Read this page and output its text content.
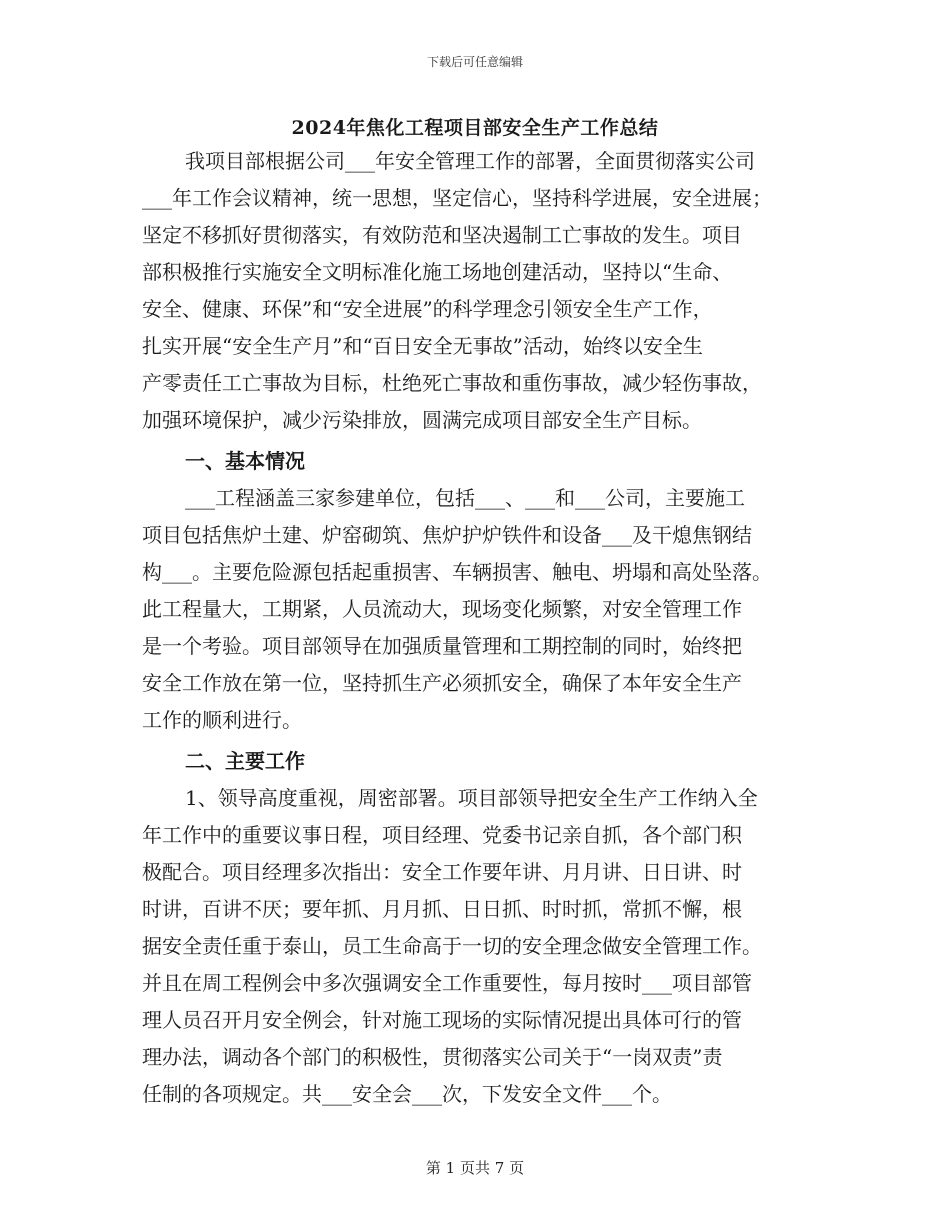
下载后可任意编辑
2024年焦化工程项目部安全生产工作总结
我项目部根据公司___年安全管理工作的部署，全面贯彻落实公司
___年工作会议精神，统一思想，坚定信心，坚持科学进展，安全进展；
坚定不移抓好贯彻落实，有效防范和坚决遏制工亡事故的发生。项目
部积极推行实施安全文明标准化施工场地创建活动，坚持以“生命、
安全、健康、环保”和“安全进展”的科学理念引领安全生产工作，
扎实开展“安全生产月”和“百日安全无事故”活动，始终以安全生
产零责任工亡事故为目标，杜绝死亡事故和重伤事故，减少轻伤事故，
加强环境保护，减少污染排放，圆满完成项目部安全生产目标。
一、基本情况
___工程涵盖三家参建单位，包括___、___和___公司，主要施工
项目包括焦炉土建、炉窑砌筑、焦炉护炉铁件和设备___及干熄焦钢结
构___。主要危险源包括起重损害、车辆损害、触电、坍塌和高处坠落。
此工程量大，工期紧，人员流动大，现场变化频繁，对安全管理工作
是一个考验。项目部领导在加强质量管理和工期控制的同时，始终把
安全工作放在第一位，坚持抓生产必须抓安全，确保了本年安全生产
工作的顺利进行。
二、主要工作
1、领导高度重视，周密部署。项目部领导把安全生产工作纳入全
年工作中的重要议事日程，项目经理、党委书记亲自抓，各个部门积
极配合。项目经理多次指出：安全工作要年讲、月月讲、日日讲、时
时讲，百讲不厌；要年抓、月月抓、日日抓、时时抓，常抓不懈，根
据安全责任重于泰山，员工生命高于一切的安全理念做安全管理工作。
并且在周工程例会中多次强调安全工作重要性，每月按时___项目部管
理人员召开月安全例会，针对施工现场的实际情况提出具体可行的管
理办法，调动各个部门的积极性，贯彻落实公司关于“一岗双责”责
任制的各项规定。共___安全会___次，下发安全文件___个。
第 1 页共 7 页
